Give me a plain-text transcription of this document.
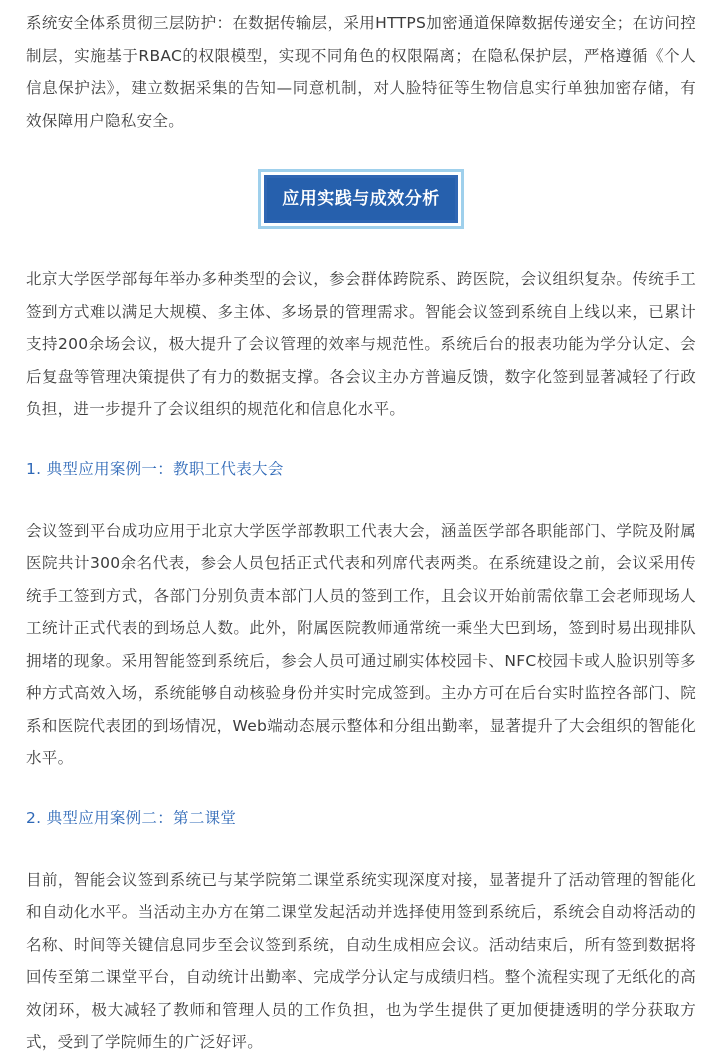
系统安全体系贯彻三层防护：在数据传输层，采用HTTPS加密通道保障数据传递安全；在访问控制层，实施基于RBAC的权限模型，实现不同角色的权限隔离；在隐私保护层，严格遵循《个人信息保护法》，建立数据采集的告知—同意机制，对人脸特征等生物信息实行单独加密存储，有效保障用户隐私安全。

应用实践与成效分析

北京大学医学部每年举办多种类型的会议，参会群体跨院系、跨医院，会议组织复杂。传统手工签到方式难以满足大规模、多主体、多场景的管理需求。智能会议签到系统自上线以来，已累计支持200余场会议，极大提升了会议管理的效率与规范性。系统后台的报表功能为学分认定、会后复盘等管理决策提供了有力的数据支撑。各会议主办方普遍反馈，数字化签到显著减轻了行政负担，进一步提升了会议组织的规范化和信息化水平。

1. 典型应用案例一：教职工代表大会

会议签到平台成功应用于北京大学医学部教职工代表大会，涵盖医学部各职能部门、学院及附属医院共计300余名代表，参会人员包括正式代表和列席代表两类。在系统建设之前，会议采用传统手工签到方式，各部门分别负责本部门人员的签到工作，且会议开始前需依靠工会老师现场人工统计正式代表的到场总人数。此外，附属医院教师通常统一乘坐大巴到场，签到时易出现排队拥堵的现象。采用智能签到系统后，参会人员可通过刷实体校园卡、NFC校园卡或人脸识别等多种方式高效入场，系统能够自动核验身份并实时完成签到。主办方可在后台实时监控各部门、院系和医院代表团的到场情况，Web端动态展示整体和分组出勤率，显著提升了大会组织的智能化水平。

2. 典型应用案例二：第二课堂

目前，智能会议签到系统已与某学院第二课堂系统实现深度对接，显著提升了活动管理的智能化和自动化水平。当活动主办方在第二课堂发起活动并选择使用签到系统后，系统会自动将活动的名称、时间等关键信息同步至会议签到系统，自动生成相应会议。活动结束后，所有签到数据将回传至第二课堂平台，自动统计出勤率、完成学分认定与成绩归档。整个流程实现了无纸化的高效闭环，极大减轻了教师和管理人员的工作负担，也为学生提供了更加便捷透明的学分获取方式，受到了学院师生的广泛好评。
